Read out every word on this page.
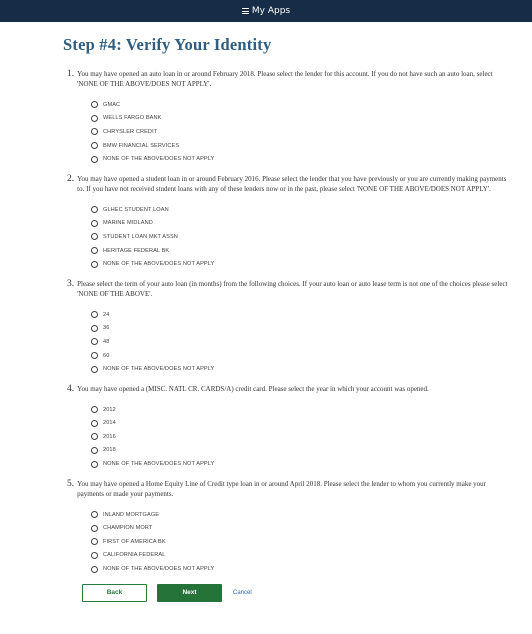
My Apps
Step #4: Verify Your Identity
1. You may have opened an auto loan in or around February 2018. Please select the lender for this account. If you do not have such an auto loan, select 'NONE OF THE ABOVE/DOES NOT APPLY'.
GMAC
WELLS FARGO BANK
CHRYSLER CREDIT
BMW FINANCIAL SERVICES
NONE OF THE ABOVE/DOES NOT APPLY
2. You may have opened a student loan in or around February 2016. Please select the lender that you have previously or you are currently making payments to. If you have not received student loans with any of these lenders now or in the past, please select 'NONE OF THE ABOVE/DOES NOT APPLY'.
GLHEC STUDENT LOAN
MARINE MIDLAND
STUDENT LOAN MKT ASSN
HERITAGE FEDERAL BK
NONE OF THE ABOVE/DOES NOT APPLY
3. Please select the term of your auto loan (in months) from the following choices. If your auto loan or auto lease term is not one of the choices please select 'NONE OF THE ABOVE'.
24
36
48
60
NONE OF THE ABOVE/DOES NOT APPLY
4. You may have opened a (MISC. NATL CR. CARDS/A) credit card. Please select the year in which your account was opened.
2012
2014
2016
2018
NONE OF THE ABOVE/DOES NOT APPLY
5. You may have opened a Home Equity Line of Credit type loan in or around April 2018. Please select the lender to whom you currently make your payments or made your payments.
INLAND MORTGAGE
CHAMPION MORT
FIRST OF AMERICA BK
CALIFORNIA FEDERAL
NONE OF THE ABOVE/DOES NOT APPLY
Back	Next	Cancel
